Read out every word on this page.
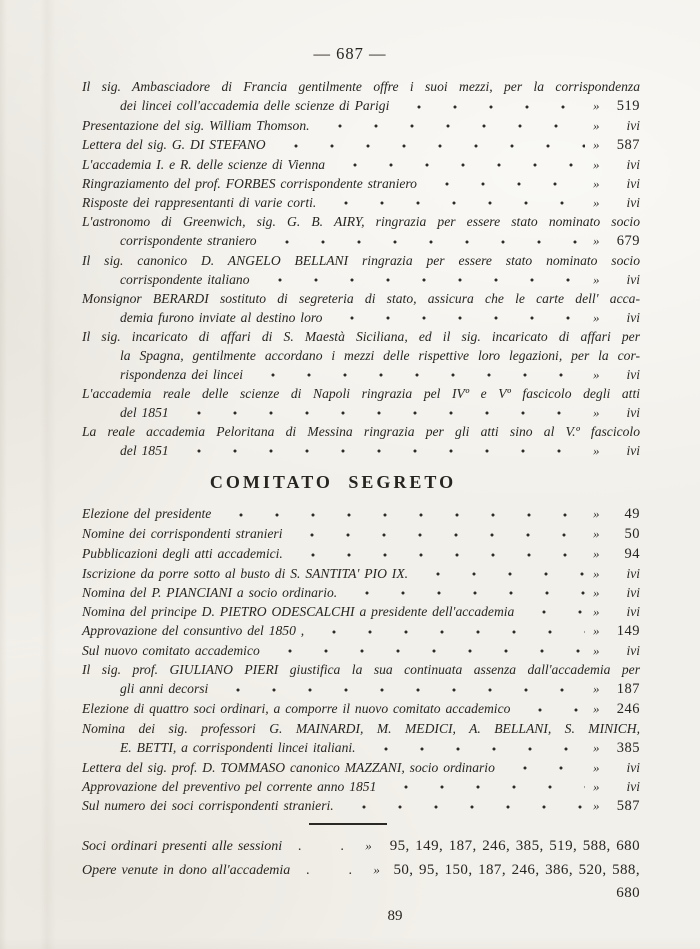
— 687 —
Il sig. Ambasciadore di Francia gentilmente offre i suoi mezzi, per la corrispondenza
dei lincei coll'accademia delle scienze di Parigi	» 519
Presentazione del sig. William Thomson.	» ivi
Lettera del sig. G. DI STEFANO	» 587
L'accademia I. e R. delle scienze di Vienna	» ivi
Ringraziamento del prof. FORBES corrispondente straniero	» ivi
Risposte dei rappresentanti di varie corti.	» ivi
L'astronomo di Greenwich, sig. G. B. AIRY, ringrazia per essere stato nominato socio
corrispondente straniero	» 679
Il sig. canonico D. ANGELO BELLANI ringrazia per essere stato nominato socio
corrispondente italiano	» ivi
Monsignor BERARDI sostituto di segreteria di stato, assicura che le carte dell' acca-
demia furono inviate al destino loro	» ivi
Il sig. incaricato di affari di S. Maestà Siciliana, ed il sig. incaricato di affari per
la Spagna, gentilmente accordano i mezzi delle rispettive loro legazioni, per la cor-
rispondenza dei lincei	» ivi
L'accademia reale delle scienze di Napoli ringrazia pel IVº e Vº fascicolo degli atti
del 1851	» ivi
La reale accademia Peloritana di Messina ringrazia per gli atti sino al V.º fascicolo
del 1851	» ivi
COMITATO SEGRETO
Elezione del presidente	» 49
Nomine dei corrispondenti stranieri	» 50
Pubblicazioni degli atti accademici.	» 94
Iscrizione da porre sotto al busto di S. SANTITA' PIO IX.	» ivi
Nomina del P. PIANCIANI a socio ordinario.	» ivi
Nomina del principe D. PIETRO ODESCALCHI a presidente dell'accademia	» ivi
Approvazione del consuntivo del 1850 ,	» 149
Sul nuovo comitato accademico	» ivi
Il sig. prof. GIULIANO PIERI giustifica la sua continuata assenza dall'accademia per
gli anni decorsi	» 187
Elezione di quattro soci ordinari, a comporre il nuovo comitato accademico	» 246
Nomina dei sig. professori G. MAINARDI, M. MEDICI, A. BELLANI, S. MINICH,
E. BETTI, a corrispondenti lincei italiani.	» 385
Lettera del sig. prof. D. TOMMASO canonico MAZZANI, socio ordinario	» ivi
Approvazione del preventivo pel corrente anno 1851	» ivi
Sul numero dei soci corrispondenti stranieri.	» 587
Soci ordinari presenti alle sessioni . . »	95, 149, 187, 246, 385, 519, 588, 680
Opere venute in dono all'accademia . . » 50, 95, 150, 187, 246, 386, 520, 588, 680
89
